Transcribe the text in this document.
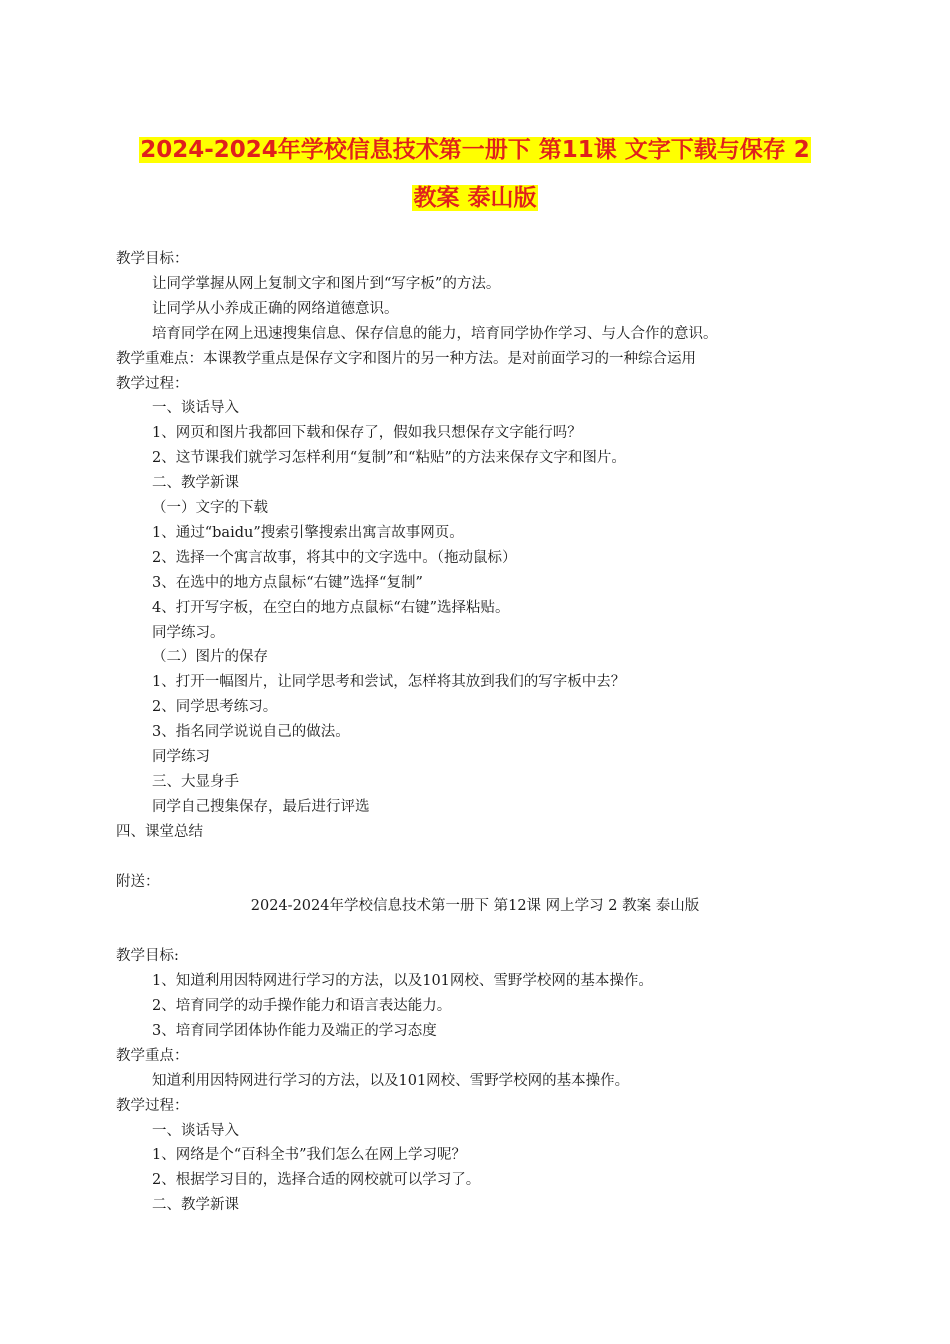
2024-2024年学校信息技术第一册下 第11课 文字下载与保存 2
教案 泰山版
教学目标：
让同学掌握从网上复制文字和图片到“写字板”的方法。
让同学从小养成正确的网络道德意识。
培育同学在网上迅速搜集信息、保存信息的能力，培育同学协作学习、与人合作的意识。
教学重难点：本课教学重点是保存文字和图片的另一种方法。是对前面学习的一种综合运用
教学过程：
一、谈话导入
1、网页和图片我都回下载和保存了，假如我只想保存文字能行吗？
2、这节课我们就学习怎样利用“复制”和“粘贴”的方法来保存文字和图片。
二、教学新课
（一）文字的下载
1、通过“baidu”搜索引擎搜索出寓言故事网页。
2、选择一个寓言故事，将其中的文字选中。（拖动鼠标）
3、在选中的地方点鼠标“右键”选择“复制”
4、打开写字板，在空白的地方点鼠标“右键”选择粘贴。
同学练习。
（二）图片的保存
1、打开一幅图片，让同学思考和尝试，怎样将其放到我们的写字板中去？
2、同学思考练习。
3、指名同学说说自己的做法。
同学练习
三、大显身手
同学自己搜集保存，最后进行评选
四、课堂总结
附送：
2024-2024年学校信息技术第一册下 第12课 网上学习 2 教案 泰山版
教学目标:
1、知道利用因特网进行学习的方法，以及101网校、雪野学校网的基本操作。
2、培育同学的动手操作能力和语言表达能力。
3、培育同学团体协作能力及端正的学习态度
教学重点：
知道利用因特网进行学习的方法，以及101网校、雪野学校网的基本操作。
教学过程：
一、谈话导入
1、网络是个“百科全书”我们怎么在网上学习呢？
2、根据学习目的，选择合适的网校就可以学习了。
二、教学新课
